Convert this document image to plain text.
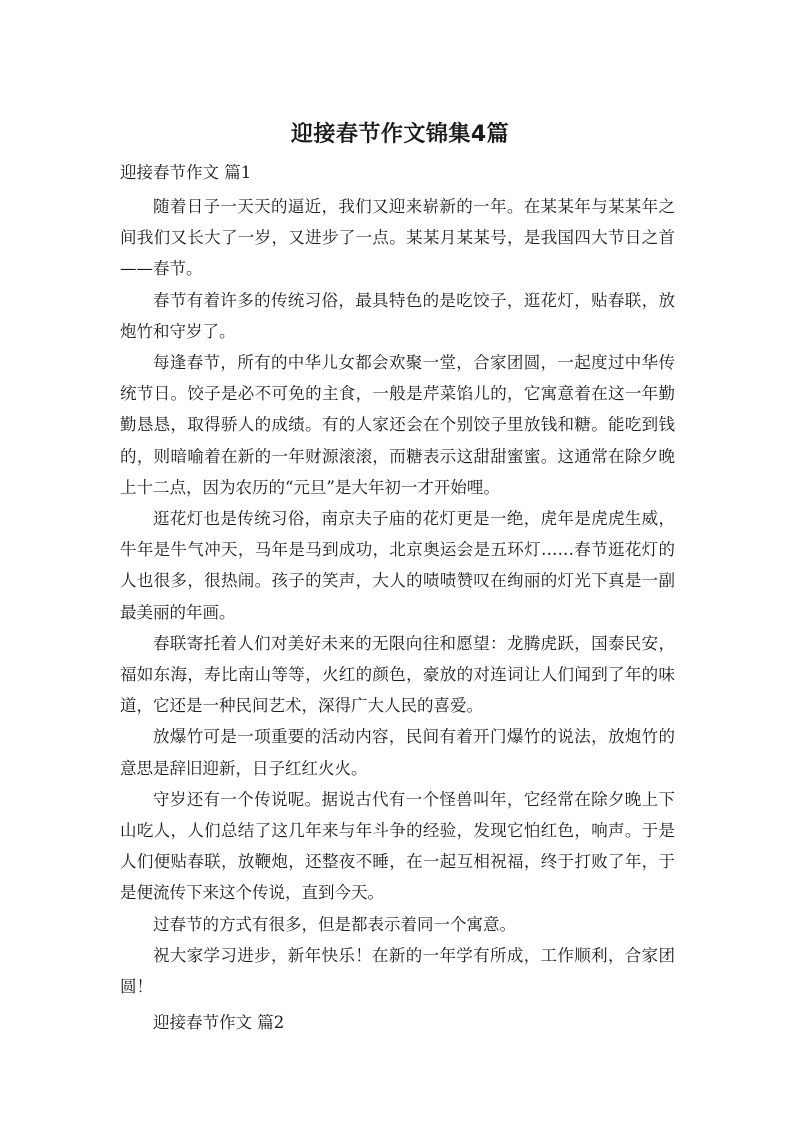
迎接春节作文锦集4篇
迎接春节作文 篇1

随着日子一天天的逼近，我们又迎来崭新的一年。在某某年与某某年之间我们又长大了一岁，又进步了一点。某某月某某号，是我国四大节日之首——春节。

春节有着许多的传统习俗，最具特色的是吃饺子，逛花灯，贴春联，放炮竹和守岁了。

每逢春节，所有的中华儿女都会欢聚一堂，合家团圆，一起度过中华传统节日。饺子是必不可免的主食，一般是芹菜馅儿的，它寓意着在这一年勤勤恳恳，取得骄人的成绩。有的人家还会在个别饺子里放钱和糖。能吃到钱的，则暗喻着在新的一年财源滚滚，而糖表示这甜甜蜜蜜。这通常在除夕晚上十二点，因为农历的“元旦”是大年初一才开始哩。

逛花灯也是传统习俗，南京夫子庙的花灯更是一绝，虎年是虎虎生威，牛年是牛气冲天，马年是马到成功，北京奥运会是五环灯……春节逛花灯的人也很多，很热闹。孩子的笑声，大人的啧啧赞叹在绚丽的灯光下真是一副最美丽的年画。

春联寄托着人们对美好未来的无限向往和愿望：龙腾虎跃，国泰民安，福如东海，寿比南山等等，火红的颜色，豪放的对连词让人们闻到了年的味道，它还是一种民间艺术，深得广大人民的喜爱。

放爆竹可是一项重要的活动内容，民间有着开门爆竹的说法，放炮竹的意思是辞旧迎新，日子红红火火。

守岁还有一个传说呢。据说古代有一个怪兽叫年，它经常在除夕晚上下山吃人，人们总结了这几年来与年斗争的经验，发现它怕红色，响声。于是人们便贴春联，放鞭炮，还整夜不睡，在一起互相祝福，终于打败了年，于是便流传下来这个传说，直到今天。

过春节的方式有很多，但是都表示着同一个寓意。

祝大家学习进步，新年快乐！在新的一年学有所成，工作顺利，合家团圆！

迎接春节作文 篇2
